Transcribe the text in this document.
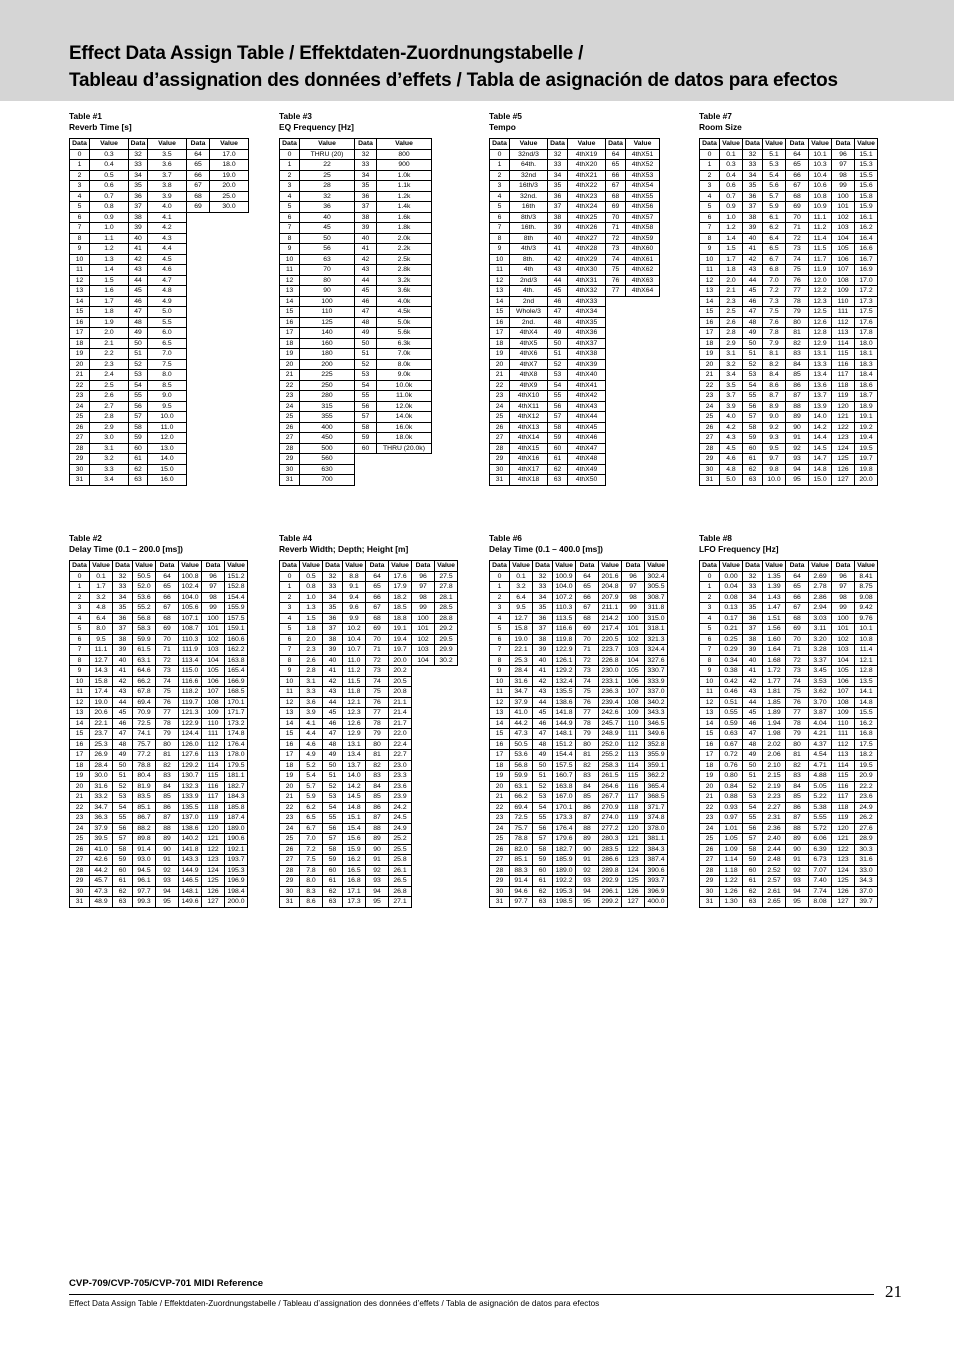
Effect Data Assign Table / Effektdaten-Zuordnungstabelle /
Tableau d’assignation des données d’effets / Tabla de asignación de datos para efectos
Table #1
Reverb Time [s]
Data	Value	Data	Value	Data	Value
0	0.3	32	3.5	64	17.0
1	0.4	33	3.6	65	18.0
2	0.5	34	3.7	66	19.0
3	0.6	35	3.8	67	20.0
4	0.7	36	3.9	68	25.0
5	0.8	37	4.0	69	30.0
6	0.9	38	4.1		
7	1.0	39	4.2		
8	1.1	40	4.3		
9	1.2	41	4.4		
10	1.3	42	4.5		
11	1.4	43	4.6		
12	1.5	44	4.7		
13	1.6	45	4.8		
14	1.7	46	4.9		
15	1.8	47	5.0		
16	1.9	48	5.5		
17	2.0	49	6.0		
18	2.1	50	6.5		
19	2.2	51	7.0		
20	2.3	52	7.5		
21	2.4	53	8.0		
22	2.5	54	8.5		
23	2.6	55	9.0		
24	2.7	56	9.5		
25	2.8	57	10.0		
26	2.9	58	11.0		
27	3.0	59	12.0		
28	3.1	60	13.0		
29	3.2	61	14.0		
30	3.3	62	15.0		
31	3.4	63	16.0		
Table #3
EQ Frequency [Hz]
Data	Value	Data	Value
0	THRU (20)	32	800
1	22	33	900
2	25	34	1.0k
3	28	35	1.1k
4	32	36	1.2k
5	36	37	1.4k
6	40	38	1.6k
7	45	39	1.8k
8	50	40	2.0k
9	56	41	2.2k
10	63	42	2.5k
11	70	43	2.8k
12	80	44	3.2k
13	90	45	3.6k
14	100	46	4.0k
15	110	47	4.5k
16	125	48	5.0k
17	140	49	5.6k
18	160	50	6.3k
19	180	51	7.0k
20	200	52	8.0k
21	225	53	9.0k
22	250	54	10.0k
23	280	55	11.0k
24	315	56	12.0k
25	355	57	14.0k
26	400	58	16.0k
27	450	59	18.0k
28	500	60	THRU (20.0k)
29	560		
30	630		
31	700		
Table #5
Tempo
Data	Value	Data	Value	Data	Value
0	32nd/3	32	4thX19	64	4thX51
1	64th.	33	4thX20	65	4thX52
2	32nd	34	4thX21	66	4thX53
3	16th/3	35	4thX22	67	4thX54
4	32nd.	36	4thX23	68	4thX55
5	16th	37	4thX24	69	4thX56
6	8th/3	38	4thX25	70	4thX57
7	16th.	39	4thX26	71	4thX58
8	8th	40	4thX27	72	4thX59
9	4th/3	41	4thX28	73	4thX60
10	8th.	42	4thX29	74	4thX61
11	4th	43	4thX30	75	4thX62
12	2nd/3	44	4thX31	76	4thX63
13	4th.	45	4thX32	77	4thX64
14	2nd	46	4thX33		
15	Whole/3	47	4thX34		
16	2nd.	48	4thX35		
17	4thX4	49	4thX36		
18	4thX5	50	4thX37		
19	4thX6	51	4thX38		
20	4thX7	52	4thX39		
21	4thX8	53	4thX40		
22	4thX9	54	4thX41		
23	4thX10	55	4thX42		
24	4thX11	56	4thX43		
25	4thX12	57	4thX44		
26	4thX13	58	4thX45		
27	4thX14	59	4thX46		
28	4thX15	60	4thX47		
29	4thX16	61	4thX48		
30	4thX17	62	4thX49		
31	4thX18	63	4thX50		
Table #7
Room Size
Data	Value	Data	Value	Data	Value	Data	Value
0	0.1	32	5.1	64	10.1	96	15.1
1	0.3	33	5.3	65	10.3	97	15.3
2	0.4	34	5.4	66	10.4	98	15.5
3	0.6	35	5.6	67	10.6	99	15.6
4	0.7	36	5.7	68	10.8	100	15.8
5	0.9	37	5.9	69	10.9	101	15.9
6	1.0	38	6.1	70	11.1	102	16.1
7	1.2	39	6.2	71	11.2	103	16.2
8	1.4	40	6.4	72	11.4	104	16.4
9	1.5	41	6.5	73	11.5	105	16.6
10	1.7	42	6.7	74	11.7	106	16.7
11	1.8	43	6.8	75	11.9	107	16.9
12	2.0	44	7.0	76	12.0	108	17.0
13	2.1	45	7.2	77	12.2	109	17.2
14	2.3	46	7.3	78	12.3	110	17.3
15	2.5	47	7.5	79	12.5	111	17.5
16	2.6	48	7.6	80	12.6	112	17.6
17	2.8	49	7.8	81	12.8	113	17.8
18	2.9	50	7.9	82	12.9	114	18.0
19	3.1	51	8.1	83	13.1	115	18.1
20	3.2	52	8.2	84	13.3	116	18.3
21	3.4	53	8.4	85	13.4	117	18.4
22	3.5	54	8.6	86	13.6	118	18.6
23	3.7	55	8.7	87	13.7	119	18.7
24	3.9	56	8.9	88	13.9	120	18.9
25	4.0	57	9.0	89	14.0	121	19.1
26	4.2	58	9.2	90	14.2	122	19.2
27	4.3	59	9.3	91	14.4	123	19.4
28	4.5	60	9.5	92	14.5	124	19.5
29	4.6	61	9.7	93	14.7	125	19.7
30	4.8	62	9.8	94	14.8	126	19.8
31	5.0	63	10.0	95	15.0	127	20.0
Table #2
Delay Time (0.1 – 200.0 [ms])
Data	Value	Data	Value	Data	Value	Data	Value
0	0.1	32	50.5	64	100.8	96	151.2
1	1.7	33	52.0	65	102.4	97	152.8
2	3.2	34	53.6	66	104.0	98	154.4
3	4.8	35	55.2	67	105.6	99	155.9
4	6.4	36	56.8	68	107.1	100	157.5
5	8.0	37	58.3	69	108.7	101	159.1
6	9.5	38	59.9	70	110.3	102	160.6
7	11.1	39	61.5	71	111.9	103	162.2
8	12.7	40	63.1	72	113.4	104	163.8
9	14.3	41	64.6	73	115.0	105	165.4
10	15.8	42	66.2	74	116.6	106	166.9
11	17.4	43	67.8	75	118.2	107	168.5
12	19.0	44	69.4	76	119.7	108	170.1
13	20.6	45	70.9	77	121.3	109	171.7
14	22.1	46	72.5	78	122.9	110	173.2
15	23.7	47	74.1	79	124.4	111	174.8
16	25.3	48	75.7	80	126.0	112	176.4
17	26.9	49	77.2	81	127.6	113	178.0
18	28.4	50	78.8	82	129.2	114	179.5
19	30.0	51	80.4	83	130.7	115	181.1
20	31.6	52	81.9	84	132.3	116	182.7
21	33.2	53	83.5	85	133.9	117	184.3
22	34.7	54	85.1	86	135.5	118	185.8
23	36.3	55	86.7	87	137.0	119	187.4
24	37.9	56	88.2	88	138.6	120	189.0
25	39.5	57	89.8	89	140.2	121	190.6
26	41.0	58	91.4	90	141.8	122	192.1
27	42.6	59	93.0	91	143.3	123	193.7
28	44.2	60	94.5	92	144.9	124	195.3
29	45.7	61	96.1	93	146.5	125	196.9
30	47.3	62	97.7	94	148.1	126	198.4
31	48.9	63	99.3	95	149.6	127	200.0
Table #4
Reverb Width; Depth; Height [m]
Data	Value	Data	Value	Data	Value	Data	Value
0	0.5	32	8.8	64	17.6	96	27.5
1	0.8	33	9.1	65	17.9	97	27.8
2	1.0	34	9.4	66	18.2	98	28.1
3	1.3	35	9.6	67	18.5	99	28.5
4	1.5	36	9.9	68	18.8	100	28.8
5	1.8	37	10.2	69	19.1	101	29.2
6	2.0	38	10.4	70	19.4	102	29.5
7	2.3	39	10.7	71	19.7	103	29.9
8	2.6	40	11.0	72	20.0	104	30.2
9	2.8	41	11.2	73	20.2		
10	3.1	42	11.5	74	20.5		
11	3.3	43	11.8	75	20.8		
12	3.6	44	12.1	76	21.1		
13	3.9	45	12.3	77	21.4		
14	4.1	46	12.6	78	21.7		
15	4.4	47	12.9	79	22.0		
16	4.6	48	13.1	80	22.4		
17	4.9	49	13.4	81	22.7		
18	5.2	50	13.7	82	23.0		
19	5.4	51	14.0	83	23.3		
20	5.7	52	14.2	84	23.6		
21	5.9	53	14.5	85	23.9		
22	6.2	54	14.8	86	24.2		
23	6.5	55	15.1	87	24.5		
24	6.7	56	15.4	88	24.9		
25	7.0	57	15.6	89	25.2		
26	7.2	58	15.9	90	25.5		
27	7.5	59	16.2	91	25.8		
28	7.8	60	16.5	92	26.1		
29	8.0	61	16.8	93	26.5		
30	8.3	62	17.1	94	26.8		
31	8.6	63	17.3	95	27.1		
Table #6
Delay Time (0.1 – 400.0 [ms])
Data	Value	Data	Value	Data	Value	Data	Value
0	0.1	32	100.9	64	201.6	96	302.4
1	3.2	33	104.0	65	204.8	97	305.5
2	6.4	34	107.2	66	207.9	98	308.7
3	9.5	35	110.3	67	211.1	99	311.8
4	12.7	36	113.5	68	214.2	100	315.0
5	15.8	37	116.6	69	217.4	101	318.1
6	19.0	38	119.8	70	220.5	102	321.3
7	22.1	39	122.9	71	223.7	103	324.4
8	25.3	40	126.1	72	226.8	104	327.6
9	28.4	41	129.2	73	230.0	105	330.7
10	31.6	42	132.4	74	233.1	106	333.9
11	34.7	43	135.5	75	236.3	107	337.0
12	37.9	44	138.6	76	239.4	108	340.2
13	41.0	45	141.8	77	242.6	109	343.3
14	44.2	46	144.9	78	245.7	110	346.5
15	47.3	47	148.1	79	248.9	111	349.6
16	50.5	48	151.2	80	252.0	112	352.8
17	53.6	49	154.4	81	255.2	113	355.9
18	56.8	50	157.5	82	258.3	114	359.1
19	59.9	51	160.7	83	261.5	115	362.2
20	63.1	52	163.8	84	264.6	116	365.4
21	66.2	53	167.0	85	267.7	117	368.5
22	69.4	54	170.1	86	270.9	118	371.7
23	72.5	55	173.3	87	274.0	119	374.8
24	75.7	56	176.4	88	277.2	120	378.0
25	78.8	57	179.6	89	280.3	121	381.1
26	82.0	58	182.7	90	283.5	122	384.3
27	85.1	59	185.9	91	286.6	123	387.4
28	88.3	60	189.0	92	289.8	124	390.6
29	91.4	61	192.2	93	292.9	125	393.7
30	94.6	62	195.3	94	296.1	126	396.9
31	97.7	63	198.5	95	299.2	127	400.0
Table #8
LFO Frequency [Hz]
Data	Value	Data	Value	Data	Value	Data	Value
0	0.00	32	1.35	64	2.69	96	8.41
1	0.04	33	1.39	65	2.78	97	8.75
2	0.08	34	1.43	66	2.86	98	9.08
3	0.13	35	1.47	67	2.94	99	9.42
4	0.17	36	1.51	68	3.03	100	9.76
5	0.21	37	1.56	69	3.11	101	10.1
6	0.25	38	1.60	70	3.20	102	10.8
7	0.29	39	1.64	71	3.28	103	11.4
8	0.34	40	1.68	72	3.37	104	12.1
9	0.38	41	1.72	73	3.45	105	12.8
10	0.42	42	1.77	74	3.53	106	13.5
11	0.46	43	1.81	75	3.62	107	14.1
12	0.51	44	1.85	76	3.70	108	14.8
13	0.55	45	1.89	77	3.87	109	15.5
14	0.59	46	1.94	78	4.04	110	16.2
15	0.63	47	1.98	79	4.21	111	16.8
16	0.67	48	2.02	80	4.37	112	17.5
17	0.72	49	2.06	81	4.54	113	18.2
18	0.76	50	2.10	82	4.71	114	19.5
19	0.80	51	2.15	83	4.88	115	20.9
20	0.84	52	2.19	84	5.05	116	22.2
21	0.88	53	2.23	85	5.22	117	23.6
22	0.93	54	2.27	86	5.38	118	24.9
23	0.97	55	2.31	87	5.55	119	26.2
24	1.01	56	2.36	88	5.72	120	27.6
25	1.05	57	2.40	89	6.06	121	28.9
26	1.09	58	2.44	90	6.39	122	30.3
27	1.14	59	2.48	91	6.73	123	31.6
28	1.18	60	2.52	92	7.07	124	33.0
29	1.22	61	2.57	93	7.40	125	34.3
30	1.26	62	2.61	94	7.74	126	37.0
31	1.30	63	2.65	95	8.08	127	39.7
CVP-709/CVP-705/CVP-701 MIDI Reference	21
Effect Data Assign Table / Effektdaten-Zuordnungstabelle / Tableau d’assignation des données d’effets / Tabla de asignación de datos para efectos
